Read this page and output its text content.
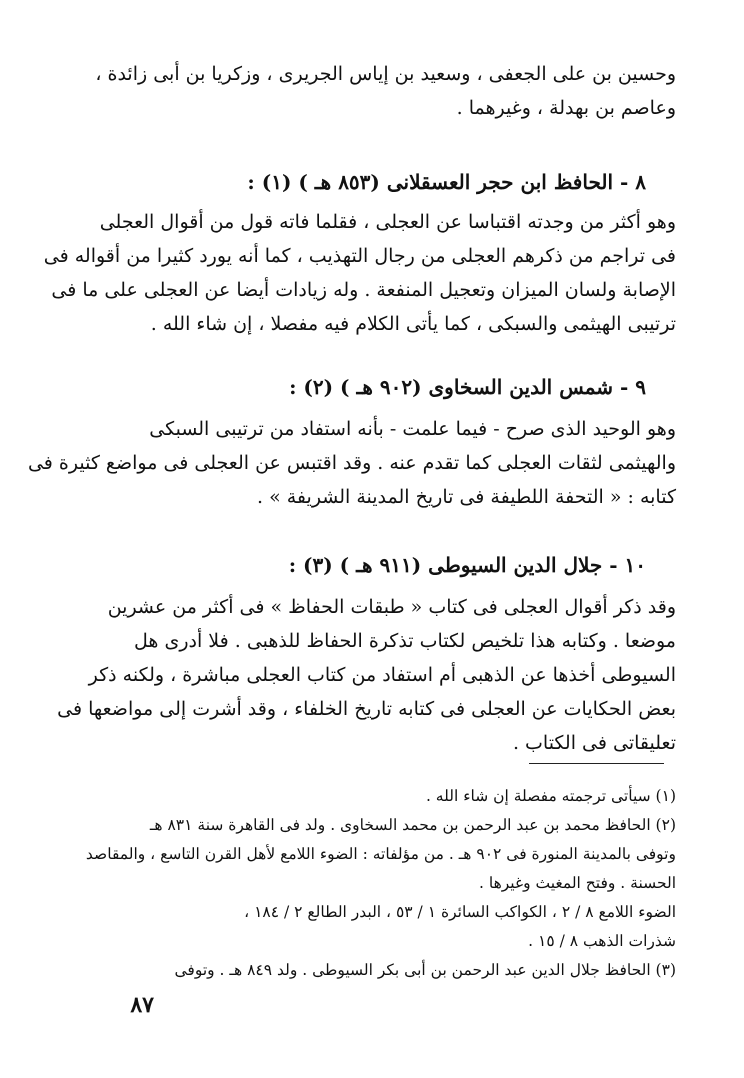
وحسين بن على الجعفى ، وسعيد بن إياس الجريرى ، وزكريا بن أبى زائدة ،
وعاصم بن بهدلة ، وغيرهما .
٨ - الحافظ ابن حجر العسقلانى (٨٥٣ هـ ) (١) :
وهو أكثر من وجدته اقتباسا عن العجلى ، فقلما فاته قول من أقوال العجلى
فى تراجم من ذكرهم العجلى من رجال التهذيب ، كما أنه يورد كثيرا من أقواله فى
الإصابة ولسان الميزان وتعجيل المنفعة . وله زيادات أيضا عن العجلى على ما فى
ترتيبى الهيثمى والسبكى ، كما يأتى الكلام فيه مفصلا ، إن شاء الله .
٩ - شمس الدين السخاوى (٩٠٢ هـ ) (٢) :
وهو الوحيد الذى صرح - فيما علمت - بأنه استفاد من ترتيبى السبكى
والهيثمى لثقات العجلى كما تقدم عنه . وقد اقتبس عن العجلى فى مواضع كثيرة فى
كتابه : « التحفة اللطيفة فى تاريخ المدينة الشريفة » .
١٠ - جلال الدين السيوطى (٩١١ هـ ) (٣) :
وقد ذكر أقوال العجلى فى كتاب « طبقات الحفاظ » فى أكثر من عشرين
موضعا . وكتابه هذا تلخيص لكتاب تذكرة الحفاظ للذهبى . فلا أدرى هل
السيوطى أخذها عن الذهبى أم استفاد من كتاب العجلى مباشرة ، ولكنه ذكر
بعض الحكايات عن العجلى فى كتابه تاريخ الخلفاء ، وقد أشرت إلى مواضعها فى
تعليقاتى فى الكتاب .
(١) سيأتى ترجمته مفصلة إن شاء الله .
(٢) الحافظ محمد بن عبد الرحمن بن محمد السخاوى . ولد فى القاهرة سنة ٨٣١ هـ
وتوفى بالمدينة المنورة فى ٩٠٢ هـ . من مؤلفاته : الضوء اللامع لأهل القرن التاسع ، والمقاصد
الحسنة . وفتح المغيث وغيرها .
الضوء اللامع ٨ / ٢ ، الكواكب السائرة ١ / ٥٣ ، البدر الطالع ٢ / ١٨٤ ،
شذرات الذهب ٨ / ١٥ .
(٣) الحافظ جلال الدين عبد الرحمن بن أبى بكر السيوطى . ولد ٨٤٩ هـ . وتوفى
٨٧
